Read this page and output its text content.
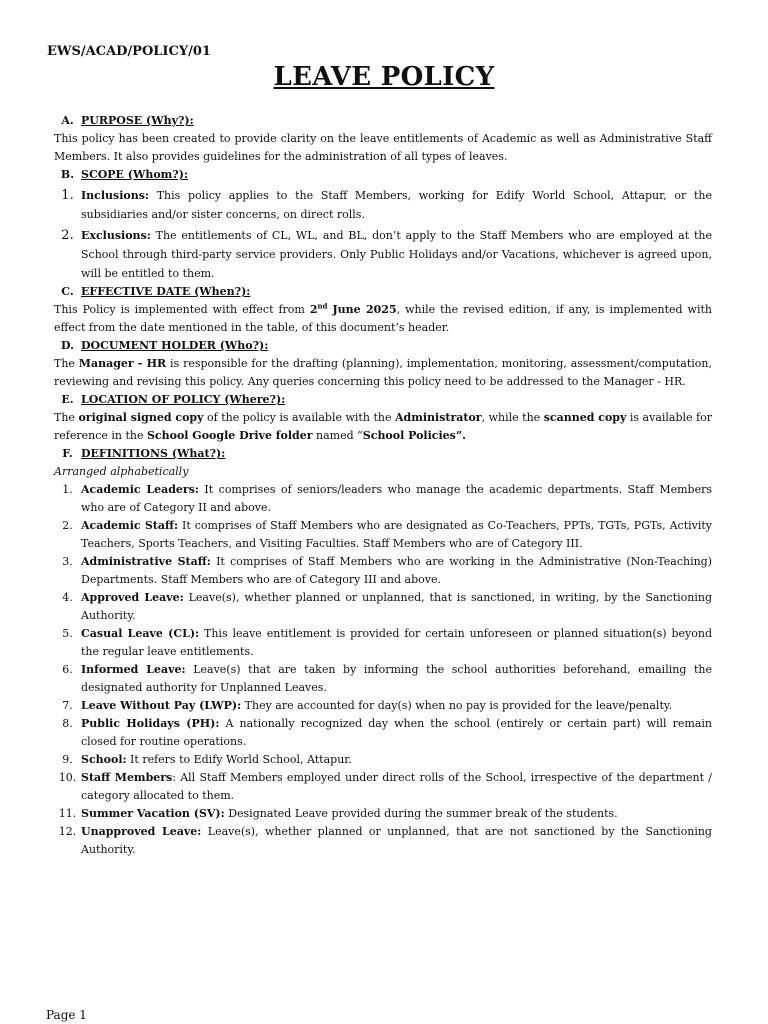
EWS/ACAD/POLICY/01
LEAVE POLICY
A. PURPOSE (Why?):
This policy has been created to provide clarity on the leave entitlements of Academic as well as Administrative Staff Members. It also provides guidelines for the administration of all types of leaves.
B. SCOPE (Whom?):
1. Inclusions: This policy applies to the Staff Members, working for Edify World School, Attapur, or the subsidiaries and/or sister concerns, on direct rolls.
2. Exclusions: The entitlements of CL, WL, and BL, don’t apply to the Staff Members who are employed at the School through third-party service providers. Only Public Holidays and/or Vacations, whichever is agreed upon, will be entitled to them.
C. EFFECTIVE DATE (When?):
This Policy is implemented with effect from 2nd June 2025, while the revised edition, if any, is implemented with effect from the date mentioned in the table, of this document’s header.
D. DOCUMENT HOLDER (Who?):
The Manager - HR is responsible for the drafting (planning), implementation, monitoring, assessment/computation, reviewing and revising this policy. Any queries concerning this policy need to be addressed to the Manager - HR.
E. LOCATION OF POLICY (Where?):
The original signed copy of the policy is available with the Administrator, while the scanned copy is available for reference in the School Google Drive folder named “School Policies”.
F. DEFINITIONS (What?):
Arranged alphabetically
1. Academic Leaders: It comprises of seniors/leaders who manage the academic departments. Staff Members who are of Category II and above.
2. Academic Staff: It comprises of Staff Members who are designated as Co-Teachers, PPTs, TGTs, PGTs, Activity Teachers, Sports Teachers, and Visiting Faculties. Staff Members who are of Category III.
3. Administrative Staff: It comprises of Staff Members who are working in the Administrative (Non-Teaching) Departments. Staff Members who are of Category III and above.
4. Approved Leave: Leave(s), whether planned or unplanned, that is sanctioned, in writing, by the Sanctioning Authority.
5. Casual Leave (CL): This leave entitlement is provided for certain unforeseen or planned situation(s) beyond the regular leave entitlements.
6. Informed Leave: Leave(s) that are taken by informing the school authorities beforehand, emailing the designated authority for Unplanned Leaves.
7. Leave Without Pay (LWP): They are accounted for day(s) when no pay is provided for the leave/penalty.
8. Public Holidays (PH): A nationally recognized day when the school (entirely or certain part) will remain closed for routine operations.
9. School: It refers to Edify World School, Attapur.
10. Staff Members: All Staff Members employed under direct rolls of the School, irrespective of the department / category allocated to them.
11. Summer Vacation (SV): Designated Leave provided during the summer break of the students.
12. Unapproved Leave: Leave(s), whether planned or unplanned, that are not sanctioned by the Sanctioning Authority.
Page 1
